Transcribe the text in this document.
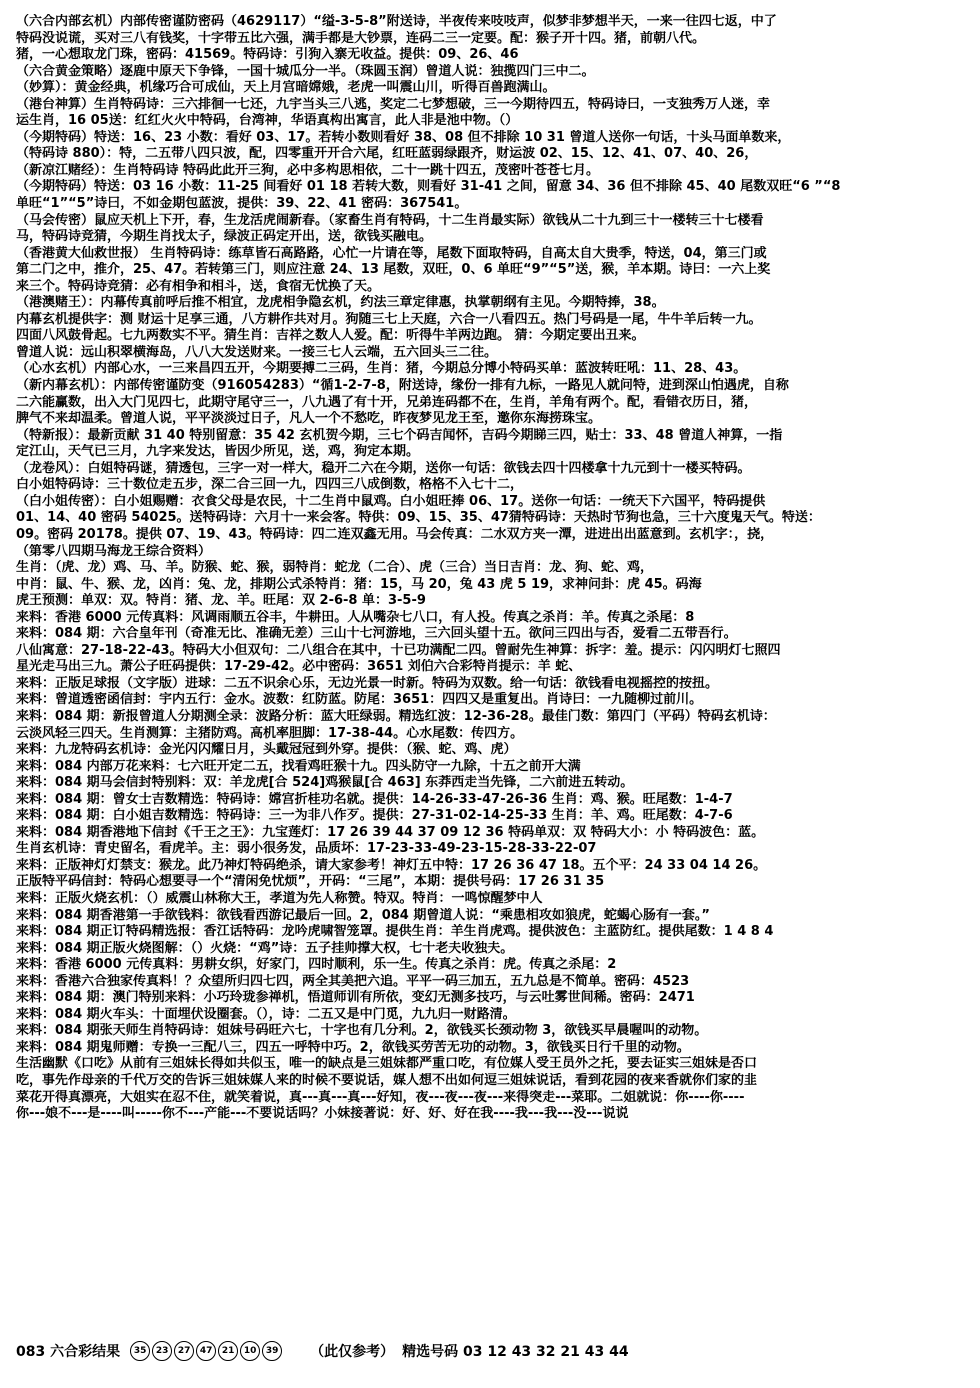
（六合内部玄机）内部传密谨防密码（4629117）“缢-3-5-8”附送诗，半夜传来吱吱声，似梦非梦想半天，一来一往四七返，中了
特码没说谎，买对三八有钱奖，十字带五比六强，满手都是大钞票，连码二三一定要。配：猴子开十四。猪，前朝八代。
猪，一心想取龙门珠，密码：41569。特码诗：引狗入寨无收益。提供：09、26、46
（六合黄金策略）逐鹿中原天下争锋，一国十城瓜分一半。（珠圆玉润）曾道人说：独揽四门三中二。
（妙算）：黄金经典，机缘巧合可成仙，天上月宫暗嫦娥，老虎一叫震山川，听得百兽跑满山。
（港台神算）生肖特码诗：三六排徊一七还，九宇当头三八逃，奖定二七梦想破，三一今期待四五，特码诗曰，一支独秀万人迷，幸
运生肖，16 05送：红红火火中特码，台湾神，华语真构出寓言，此人非是池中物。（）
（今期特码）特送：16、23 小数：看好 03、17。若转小数则看好 38、08 但不排除 10 31 曾道人送你一句话，十头马面单数来，
（特码诗 880）：特，二五带八四只波，配，四零重开开合六尾，红旺蓝弱绿跟齐，财运波 02、15、12、41、07、40、26，
（新凉江赌经）：生肖特码诗 特码此此开三狗，必中多构思相依，二十一跳十四五，茂密叶苍苍七月。
（今期特码）特送：03 16 小数：11-25 间看好 01 18 若转大数，则看好 31-41 之间，留意 34、36 但不排除 45、40 尾数双旺“6 ”“8
单旺“1”“5”诗曰，不如金期包蓝波，提供：39、22、41 密码：367541。
（马会传密）鼠应天机上下开，春，生龙活虎闹新春。（家畜生肖有特码，十二生肖最实际）欲钱从二十九到三十一楼转三十七楼看
马，特码诗竞猜，今期生肖找太子，绿波正码定开出，送，欲钱买融电。
（香港黄大仙救世报） 生肖特码诗：练草皆石高路路，心忙一片请在等，尾数下面取特码，自高太自大贵季，特送，04，第三门或
第二门之中，推介，25、47。若转第三门，则应注意 24、13 尾数，双旺，0、6 单旺“9”“5”送，猴，羊本期。诗曰：一六上奖
来三个。特码诗竞猜：必有相争和相斗，送，食宿无忧换了天。
（港澳赌王）：内幕传真前呼后推不相宜，龙虎相争隐玄机，约法三章定律惠，执掌朝纲有主见。今期特捧，38。
内幕玄机提供字：测 财运十足享三通，八方耕作共对月。狗随三七上天庭，六合一八看四五。热门号码是一尾，牛牛羊后转一九。
四面八风鼓骨起。七九两数实不平。猜生肖：吉祥之数人人爱。配：听得牛羊两边跑。 猜：今期定要出丑来。
曾道人说：远山积翠横海岛，八八大发送财来。一接三七人云端，五六回头三二往。
（心水玄机）内部心水，一三来昌四五开，今期要搏二三码，生肖：猪，今期总分博小特码买单：蓝波转旺吼：11、28、43。
（新内幕玄机）：内部传密谨防变（916054283）“循1-2-7-8，附送诗，缘份一排有九标，一路见人就问特，进到深山怕遇虎，自称
二六能赢数，出入大门见四七，此期守尾守三一，八九遇了有十开，兄弟连码都不在，生肖，羊角有两个。配，看错衣历日，猪，
脾气不来却温柔。曾道人说，平平淡淡过日子，凡人一个不愁吃，昨夜梦见龙王至，邀你东海捞珠宝。
（特新报）：最新贡献 31 40 特别留意：35 42 玄机贺今期，三七个码吉闻怀，吉码今期睇三四，贴士：33、48 曾道人神算，一指
定江山，天气已三月，九字来发达，皆因少所见，送，鸡，狗定本期。
（龙卷风）：白姐特码谜，猜透包，三字一对一样大，稳开二六在今期，送你一句话：欲钱去四十四楼拿十九元到十一楼买特码。
白小姐特码诗：三十数位走五步，深二合三回一九，四四三八成倒数，格格不入七十二，
（白小姐传密）：白小姐赐赠：衣食父母是农民，十二生肖中鼠鸡。白小姐旺捧 06、17。送你一句话：一统天下六国平，特码提供
01、14、40 密码 54025。送特码诗：六月十一来会客。特供：09、15、35、47猜特码诗：天热时节狗也急，三十六度鬼天气。特送：
09。密码 20178。提供 07、19、43。特码诗：四二连双鑫无用。马会传真：二水双方夹一潭，进进出出蓝意到。玄机字：，挠，
（第零八四期马海龙王综合资料）
生肖：（虎、龙）鸡、马、羊。防猴、蛇、猴，弱特肖：蛇龙（二合）、虎（三合）当日吉肖：龙、狗、蛇、鸡，
中肖：鼠、牛、猴、龙，凶肖：兔、龙，排期公式杀特肖：猪：15，马 20，兔 43 虎 5 19，求神问卦：虎 45。码海
虎王预测：单双：双。特肖：猪、龙、羊。旺尾：双 2-6-8 单：3-5-9
来料：香港 6000 元传真料：风调雨顺五谷丰，牛耕田。人从嘴杂七八口，有人投。传真之杀肖：羊。传真之杀尾：8
来料：084 期：六合皇年刊（奇准无比、准确无差）三山十七河游地，三六回头望十五。欲问三四出与否，爱看二五带吾行。
八仙寓意：27-18-22-43。特码大小但双句：二八组合在其中，十已功满配二四。曾耐先生神算：拆字：羞。提示：闪闪明灯七照四
星光走马出三九。萧公子旺码提供：17-29-42。必中密码：3651 刘伯六合彩特肖提示：羊 蛇、
来料：正版足球报（文字版）进球：二五不识余心乐，无边光景一时新。特码为双数。给一句话：欲钱看电视摇控的按扭。
来料：曾道透密函信封：宇内五行：金水。波数：红防蓝。防尾：3651：四四又是重复出。肖诗曰：一九随柳过前川。
来料：084 期：新报曾道人分期测全录：波路分析：蓝大旺绿弱。精选红波：12-36-28。最佳门数：第四门（平码）特码玄机诗：
云淡风轻三四天。生肖测算：主猪防鸡。高机率胆脚：17-38-44。心水尾数：传四方。
来料：九龙特码玄机诗：金光闪闪耀日月，头戴冠冠到外穿。提供：（猴、蛇、鸡、虎）
来料：084 内部万花来料：七六旺开定二五，找看鸡旺猴十九。四头防守一九除，十五之前开大满
来料：084 期马会信封特别料：双：羊龙虎[合 524]鸡猴鼠[合 463] 东莽西走当先锋，二六前进五转动。
来料：084 期：曾女士吉数精选：特码诗：嫦宫折桂功名就。提供：14-26-33-47-26-36 生肖：鸡、猴。旺尾数：1-4-7
来料：084 期：白小姐吉数精选：特码诗：三一为非八作歹。提供：27-31-02-14-25-33 生肖：羊、鸡。旺尾数：4-7-6
来料：084 期香港地下信封《千王之王》：九宝莲灯：17 26 39 44 37 09 12 36 特码单双：双 特码大小：小 特码波色：蓝。
生肖玄机诗：青史留名，看虎羊。主：弱小很务发，品质坏：17-23-33-49-23-15-28-33-22-07
来料：正版神灯灯禁支：猴龙。此乃神灯特码绝杀，请大家参考！神灯五中特：17 26 36 47 18。五个平：24 33 04 14 26。
正版特平码信封：特码心想要寻一个“清闲免忧烦”，开码：“三尾”，本期：提供号码：17 26 31 35
来料：正版火烧玄机：（）威震山林称大王，孝道为先人称赞。特双。特肖：一鸣惊醒梦中人
来料：084 期香港第一手欲钱料：欲钱看西游记最后一回。2，084 期曾道人说：“乘患相攻如狼虎，蛇蝎心肠有一套。”
来料：084 期正订特码精选报：香江话特码：龙吟虎啸智笼罩。提供生肖：羊生肖虎鸡。提供波色：主蓝防红。提供尾数：1 4 8 4
来料：084 期正版火烧图解：（）火烧：“鸡”诗：五子挂帅撑大权，七十老夫收独夫。
来料：香港 6000 元传真料：男耕女织，好家门，四时顺利，乐一生。传真之杀肖：虎。传真之杀尾：2
来料：香港六合独家传真料！？众望所归四七四，两全其美把六追。平平一码三加五，五九总是不简单。密码：4523
来料：084 期：澳门特别来料：小巧玲珑参禅机，悟道师训有所依，变幻无测多技巧，与云吐雾世间稀。密码：2471
来料：084 期火车头：十面埋伏设圈套。（），诗：二五又是中门觅，九九归一财路清。
来料：084 期张天师生肖特码诗：姐妹号码旺六七，十字也有几分利。2，欲钱买长颈动物 3，欲钱买早晨喔叫的动物。
来料：084 期鬼师赠：专换一三配八三，四五一呼特中巧。2，欲钱买劳苦无功的动物。3，欲钱买日行千里的动物。
生活幽默《口吃》从前有三姐妹长得如共似玉，唯一的缺点是三姐妹都严重口吃，有位媒人受王员外之托，要去证实三姐妹是否口
吃，事先作母亲的千代万交的告诉三姐妹媒人来的时候不要说话，媒人想不出如何逗三姐妹说话，看到花园的夜来香就你们家的韭
菜花开得真漂亮，大姐实在忍不住，就笑着说，真---真---真---好知，夜---夜---夜---来得突走---菜耶。二姐就说：你----你----
你---娘不---是----叫-----你不---产能---不要说话吗？小妹接著说：好、好、好在我----我---我---没---说说
083 六合彩结果	35	23	27	47	21	10	39 （此仅参考） 精选号码 03 12 43 32 21 43 44
